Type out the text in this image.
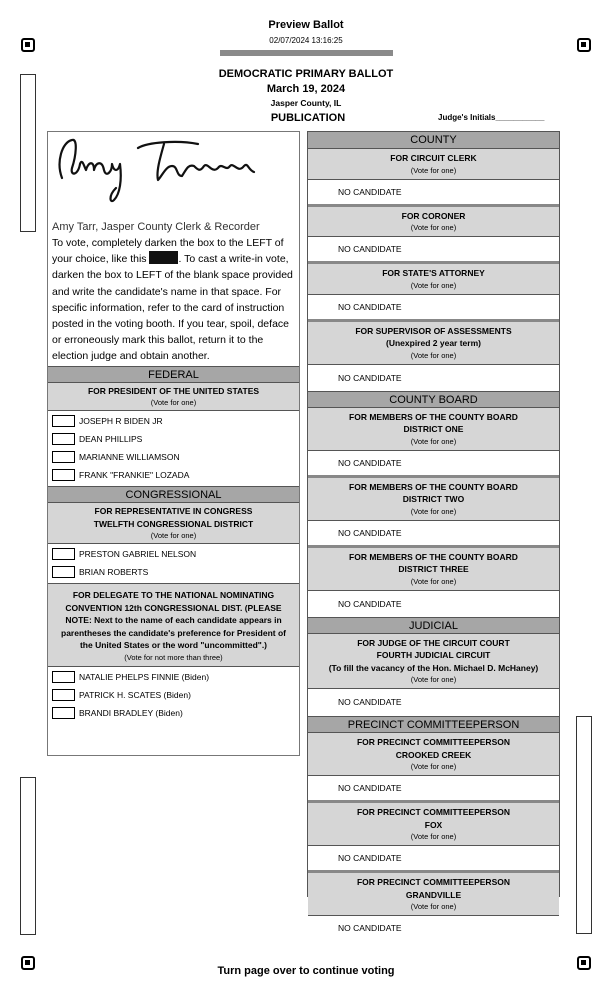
Preview Ballot
02/07/2024 13:16:25
DEMOCRATIC PRIMARY BALLOT
March 19, 2024
Jasper County, IL
PUBLICATION	Judge's Initials___________
Amy Tarr, Jasper County Clerk & Recorder
To vote, completely darken the box to the LEFT of your choice, like this	. To cast a write-in vote, darken the box to LEFT of the blank space provided and write the candidate's name in that space. For specific information, refer to the card of instruction posted in the voting booth. If you tear, spoil, deface or erroneously mark this ballot, return it to the election judge and obtain another.
FEDERAL
FOR PRESIDENT OF THE UNITED STATES
(Vote for one)
JOSEPH R BIDEN JR
DEAN PHILLIPS
MARIANNE WILLIAMSON
FRANK "FRANKIE" LOZADA
CONGRESSIONAL
FOR REPRESENTATIVE IN CONGRESS
TWELFTH CONGRESSIONAL DISTRICT
(Vote for one)
PRESTON GABRIEL NELSON
BRIAN ROBERTS
FOR DELEGATE TO THE NATIONAL NOMINATING CONVENTION 12th CONGRESSIONAL DIST. (PLEASE NOTE: Next to the name of each candidate appears in parentheses the candidate's preference for President of the United States or the word "uncommitted".)
(Vote for not more than three)
NATALIE PHELPS FINNIE (Biden)
PATRICK H. SCATES (Biden)
BRANDI BRADLEY (Biden)
COUNTY
FOR CIRCUIT CLERK
(Vote for one)
NO CANDIDATE
FOR CORONER
(Vote for one)
NO CANDIDATE
FOR STATE'S ATTORNEY
(Vote for one)
NO CANDIDATE
FOR SUPERVISOR OF ASSESSMENTS
(Unexpired 2 year term)
(Vote for one)
NO CANDIDATE
COUNTY BOARD
FOR MEMBERS OF THE COUNTY BOARD
DISTRICT ONE
(Vote for one)
NO CANDIDATE
FOR MEMBERS OF THE COUNTY BOARD
DISTRICT TWO
(Vote for one)
NO CANDIDATE
FOR MEMBERS OF THE COUNTY BOARD
DISTRICT THREE
(Vote for one)
NO CANDIDATE
JUDICIAL
FOR JUDGE OF THE CIRCUIT COURT
FOURTH JUDICIAL CIRCUIT
(To fill the vacancy of the Hon. Michael D. McHaney)
(Vote for one)
NO CANDIDATE
PRECINCT COMMITTEEPERSON
FOR PRECINCT COMMITTEEPERSON
CROOKED CREEK
(Vote for one)
NO CANDIDATE
FOR PRECINCT COMMITTEEPERSON
FOX
(Vote for one)
NO CANDIDATE
FOR PRECINCT COMMITTEEPERSON
GRANDVILLE
(Vote for one)
NO CANDIDATE
Turn page over to continue voting
